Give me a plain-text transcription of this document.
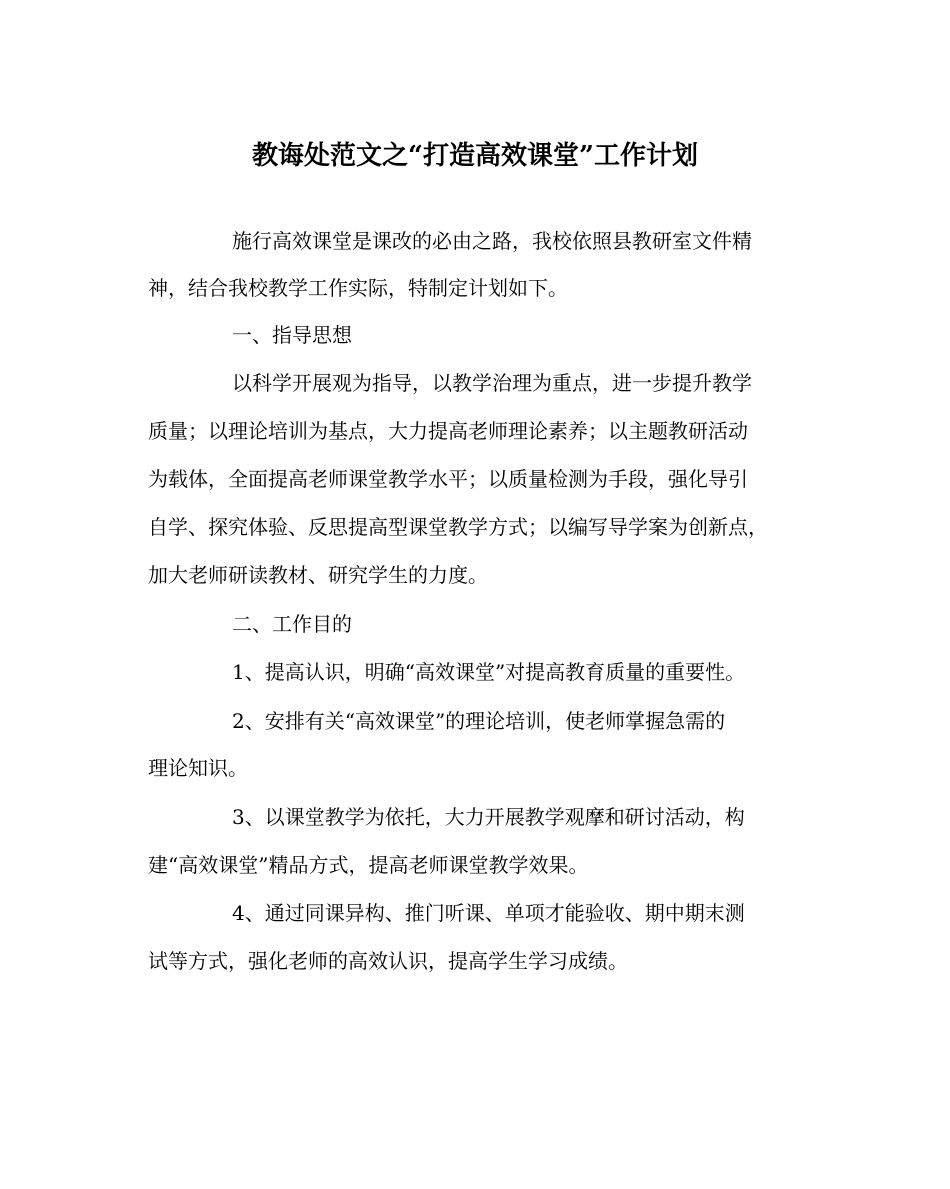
教诲处范文之“打造高效课堂”工作计划
施行高效课堂是课改的必由之路，我校依照县教研室文件精
神，结合我校教学工作实际，特制定计划如下。
一、指导思想
以科学开展观为指导，以教学治理为重点，进一步提升教学
质量；以理论培训为基点，大力提高老师理论素养；以主题教研活动
为载体，全面提高老师课堂教学水平；以质量检测为手段，强化导引
自学、探究体验、反思提高型课堂教学方式；以编写导学案为创新点，
加大老师研读教材、研究学生的力度。
二、工作目的
1、提高认识，明确“高效课堂”对提高教育质量的重要性。
2、安排有关“高效课堂”的理论培训，使老师掌握急需的
理论知识。
3、以课堂教学为依托，大力开展教学观摩和研讨活动，构
建“高效课堂”精品方式，提高老师课堂教学效果。
4、通过同课异构、推门听课、单项才能验收、期中期末测
试等方式，强化老师的高效认识，提高学生学习成绩。
